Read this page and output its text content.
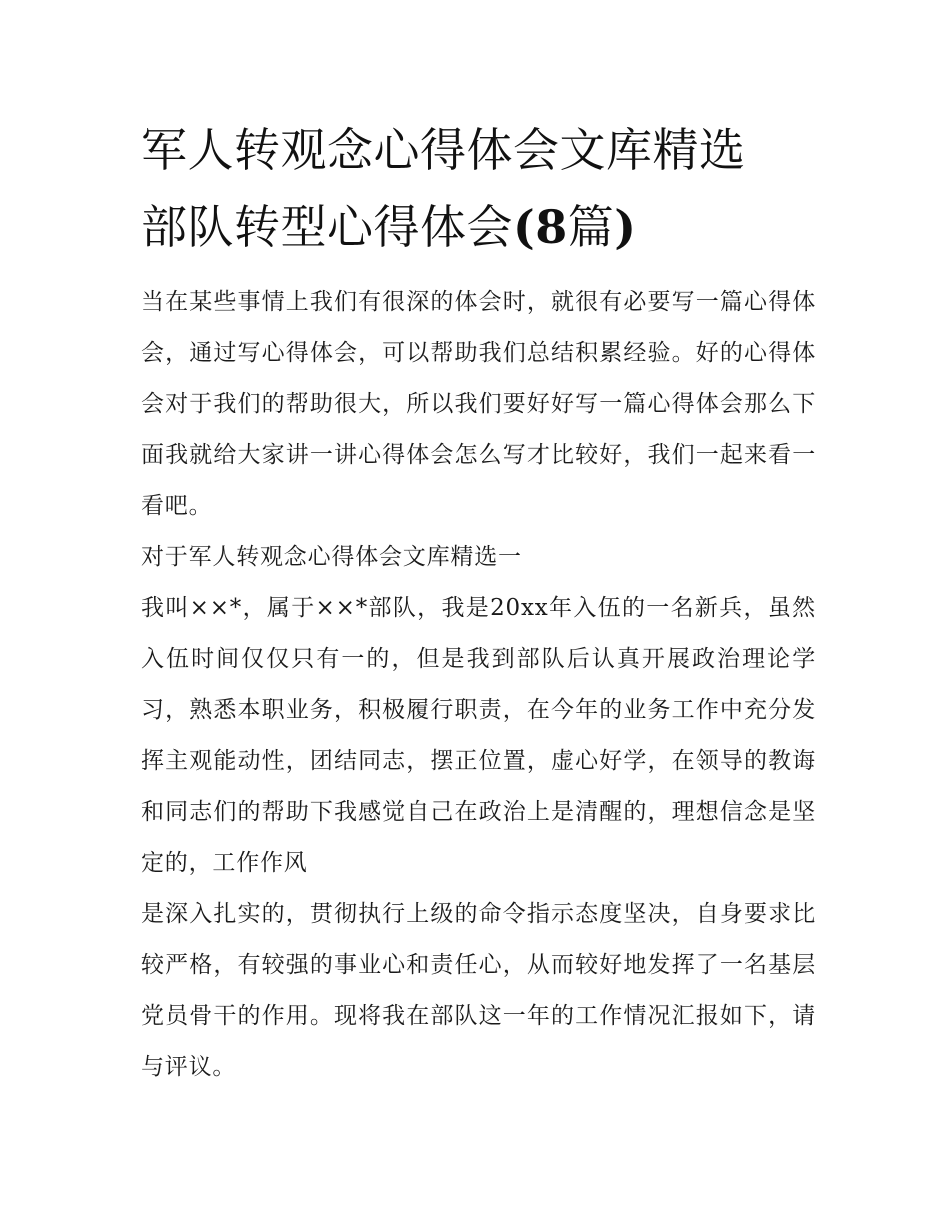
军人转观念心得体会文库精选
部队转型心得体会(8篇)

当在某些事情上我们有很深的体会时，就很有必要写一篇心得体会，通过写心得体会，可以帮助我们总结积累经验。好的心得体会对于我们的帮助很大，所以我们要好好写一篇心得体会那么下面我就给大家讲一讲心得体会怎么写才比较好，我们一起来看一看吧。

对于军人转观念心得体会文库精选一

我叫××*，属于××*部队，我是20xx年入伍的一名新兵，虽然入伍时间仅仅只有一的，但是我到部队后认真开展政治理论学习，熟悉本职业务，积极履行职责，在今年的业务工作中充分发挥主观能动性，团结同志，摆正位置，虚心好学，在领导的教诲和同志们的帮助下我感觉自己在政治上是清醒的，理想信念是坚定的，工作作风

是深入扎实的，贯彻执行上级的命令指示态度坚决，自身要求比较严格，有较强的事业心和责任心，从而较好地发挥了一名基层党员骨干的作用。现将我在部队这一年的工作情况汇报如下，请与评议。
